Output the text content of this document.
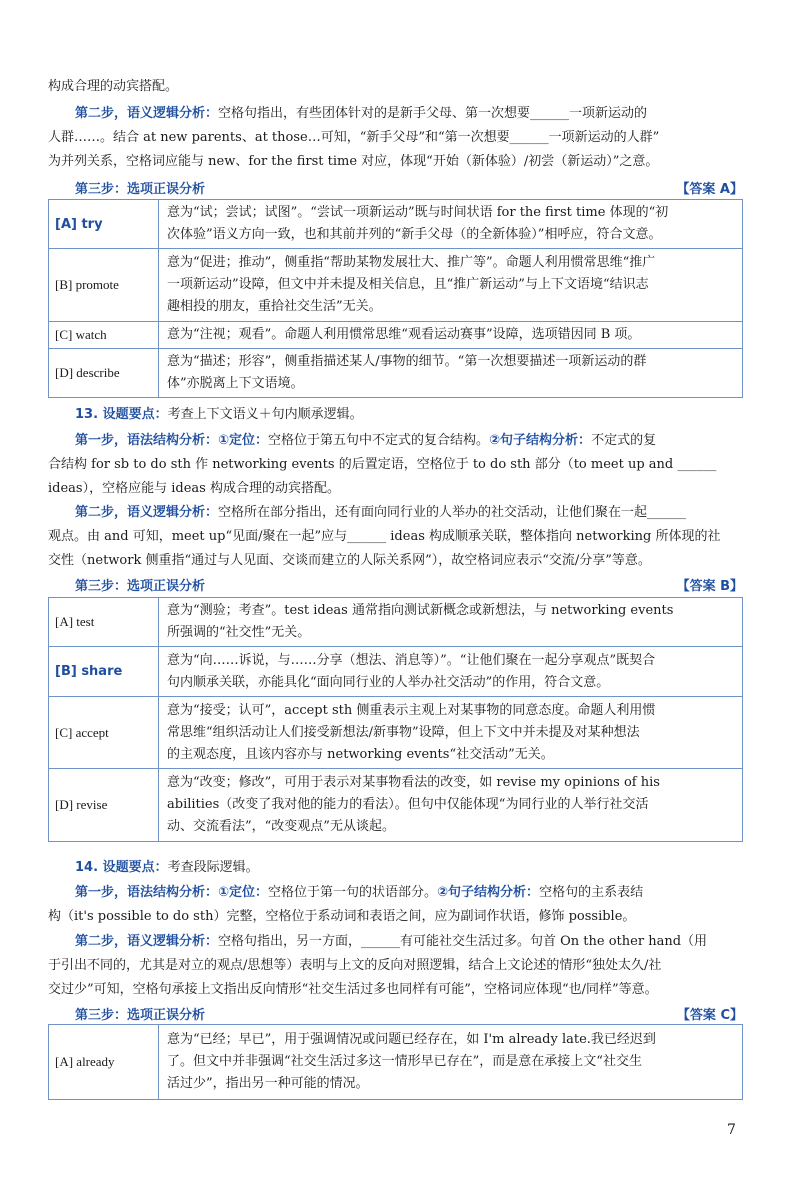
构成合理的动宾搭配。

第二步，语义逻辑分析：空格句指出，有些团体针对的是新手父母、第一次想要______一项新运动的

人群……。结合 at new parents、at those…可知，“新手父母”和“第一次想要______一项新运动的人群”

为并列关系，空格词应能与 new、for the first time 对应，体现“开始（新体验）/初尝（新运动）”之意。

第三步：选项正误分析	【答案 A】
[A] try	意为“试；尝试；试图”。“尝试一项新运动”既与时间状语 for the first time 体现的“初
次体验”语义方向一致，也和其前并列的“新手父母（的全新体验）”相呼应，符合文意。

[B] promote	意为“促进；推动”，侧重指“帮助某物发展壮大、推广等”。命题人利用惯常思维“推广
一项新运动”设障，但文中并未提及相关信息，且“推广新运动”与上下文语境“结识志
趣相投的朋友，重拾社交生活”无关。

[C] watch	意为“注视；观看”。命题人利用惯常思维“观看运动赛事”设障，选项错因同 B 项。

[D] describe	意为“描述；形容”，侧重指描述某人/事物的细节。“第一次想要描述一项新运动的群
体”亦脱离上下文语境。

13. 设题要点：考查上下文语义＋句内顺承逻辑。

第一步，语法结构分析：①定位：空格位于第五句中不定式的复合结构。②句子结构分析：不定式的复

合结构 for sb to do sth 作 networking events 的后置定语，空格位于 to do sth 部分（to meet up and ______

ideas），空格应能与 ideas 构成合理的动宾搭配。

第二步，语义逻辑分析：空格所在部分指出，还有面向同行业的人举办的社交活动，让他们聚在一起______

观点。由 and 可知，meet up“见面/聚在一起”应与______ ideas 构成顺承关联，整体指向 networking 所体现的社

交性（network 侧重指“通过与人见面、交谈而建立的人际关系网”），故空格词应表示“交流/分享”等意。

第三步：选项正误分析	【答案 B】
[A] test	意为“测验；考查”。test ideas 通常指向测试新概念或新想法，与 networking events
所强调的“社交性”无关。

[B] share	意为“向……诉说，与……分享（想法、消息等）”。“让他们聚在一起分享观点”既契合
句内顺承关联，亦能具化“面向同行业的人举办社交活动”的作用，符合文意。

[C] accept	意为“接受；认可”，accept sth 侧重表示主观上对某事物的同意态度。命题人利用惯
常思维“组织活动让人们接受新想法/新事物”设障，但上下文中并未提及对某种想法
的主观态度，且该内容亦与 networking events“社交活动”无关。

[D] revise	意为“改变；修改”，可用于表示对某事物看法的改变，如 revise my opinions of his
abilities（改变了我对他的能力的看法）。但句中仅能体现“为同行业的人举行社交活
动、交流看法”，“改变观点”无从谈起。

14. 设题要点：考查段际逻辑。

第一步，语法结构分析：①定位：空格位于第一句的状语部分。②句子结构分析：空格句的主系表结

构（it's possible to do sth）完整，空格位于系动词和表语之间，应为副词作状语，修饰 possible。

第二步，语义逻辑分析：空格句指出，另一方面，______有可能社交生活过多。句首 On the other hand（用

于引出不同的，尤其是对立的观点/思想等）表明与上文的反向对照逻辑，结合上文论述的情形“独处太久/社

交过少”可知，空格句承接上文指出反向情形“社交生活过多也同样有可能”，空格词应体现“也/同样”等意。

第三步：选项正误分析	【答案 C】
[A] already	
意为“已经；早已”，用于强调情况或问题已经存在，如 I'm already late.我已经迟到
了。但文中并非强调“社交生活过多这一情形早已存在”，而是意在承接上文“社交生
活过少”，指出另一种可能的情况。
7
